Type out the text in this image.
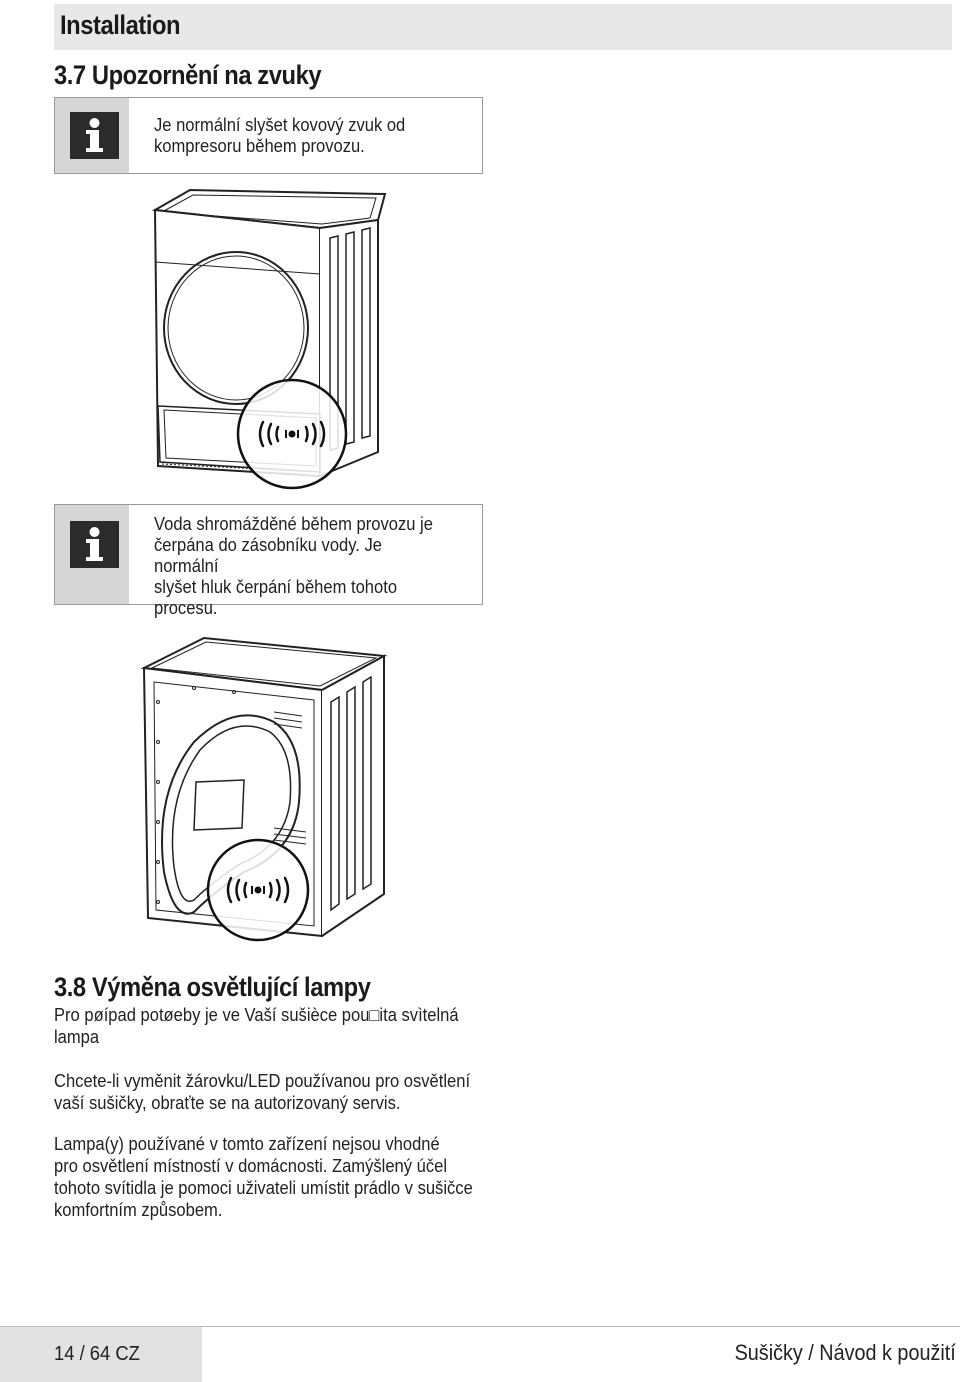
Installation
3.7 Upozornění na zvuky
Je normální slyšet kovový zvuk od
kompresoru během provozu.
Voda shromážděné během provozu je
čerpána do zásobníku vody. Je normální
slyšet hluk čerpání během tohoto
procesu.
3.8 Výměna osvětlující lampy
Pro pøípad potøeby je ve Vaší sušièce pou□ita svìtelná
lampa
Chcete-li vyměnit žárovku/LED používanou pro osvětlení
vaší sušičky, obraťte se na autorizovaný servis.
Lampa(y) používané v tomto zařízení nejsou vhodné
pro osvětlení místností v domácnosti. Zamýšlený účel
tohoto svítidla je pomoci uživateli umístit prádlo v sušičce
komfortním způsobem.
14 / 64 CZ	Sušičky / Návod k použití
